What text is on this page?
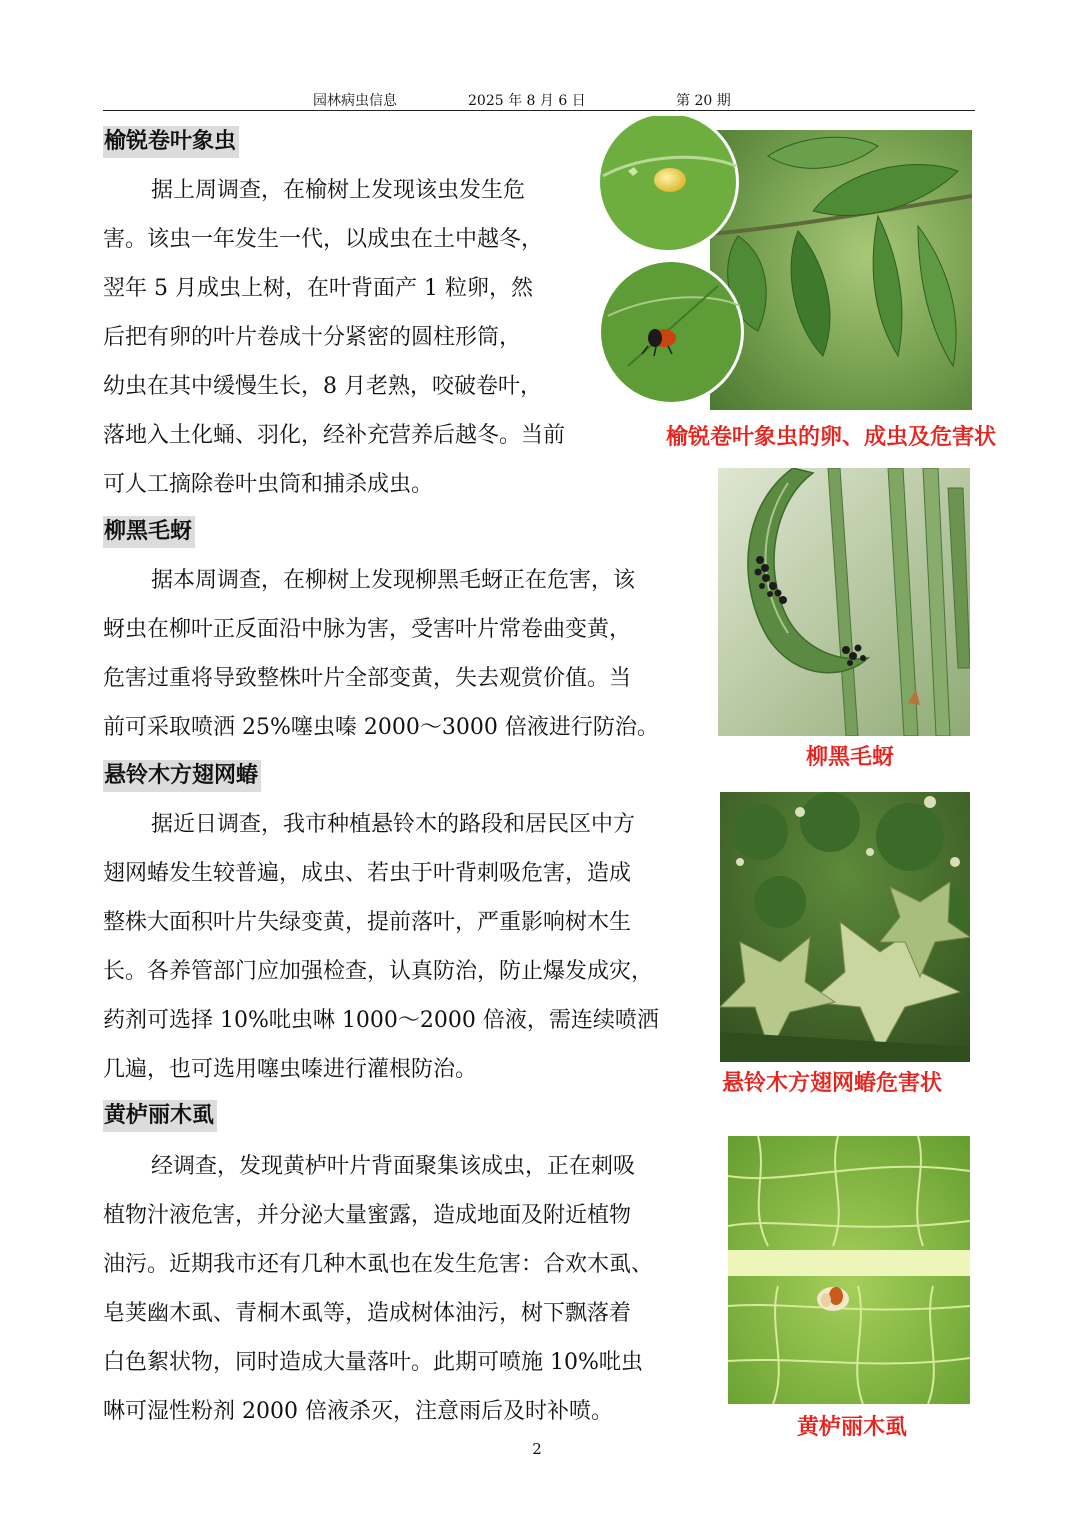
园林病虫信息	2025 年 8 月 6 日	第 20 期
榆锐卷叶象虫
据上周调查，在榆树上发现该虫发生危
害。该虫一年发生一代，以成虫在土中越冬，
翌年 5 月成虫上树，在叶背面产 1 粒卵，然
后把有卵的叶片卷成十分紧密的圆柱形筒，
幼虫在其中缓慢生长，8 月老熟，咬破卷叶，
落地入土化蛹、羽化，经补充营养后越冬。当前
可人工摘除卷叶虫筒和捕杀成虫。
榆锐卷叶象虫的卵、成虫及危害状
柳黑毛蚜
据本周调查，在柳树上发现柳黑毛蚜正在危害，该
蚜虫在柳叶正反面沿中脉为害，受害叶片常卷曲变黄，
危害过重将导致整株叶片全部变黄，失去观赏价值。当
前可采取喷洒 25%噻虫嗪 2000～3000 倍液进行防治。
柳黑毛蚜
悬铃木方翅网蝽
据近日调查，我市种植悬铃木的路段和居民区中方
翅网蝽发生较普遍，成虫、若虫于叶背刺吸危害，造成
整株大面积叶片失绿变黄，提前落叶，严重影响树木生
长。各养管部门应加强检查，认真防治，防止爆发成灾，
药剂可选择 10%吡虫啉 1000～2000 倍液，需连续喷洒
几遍，也可选用噻虫嗪进行灌根防治。
悬铃木方翅网蝽危害状
黄栌丽木虱
经调查，发现黄栌叶片背面聚集该成虫，正在刺吸
植物汁液危害，并分泌大量蜜露，造成地面及附近植物
油污。近期我市还有几种木虱也在发生危害：合欢木虱、
皂荚幽木虱、青桐木虱等，造成树体油污，树下飘落着
白色絮状物，同时造成大量落叶。此期可喷施 10%吡虫
啉可湿性粉剂 2000 倍液杀灭，注意雨后及时补喷。
黄栌丽木虱
2
